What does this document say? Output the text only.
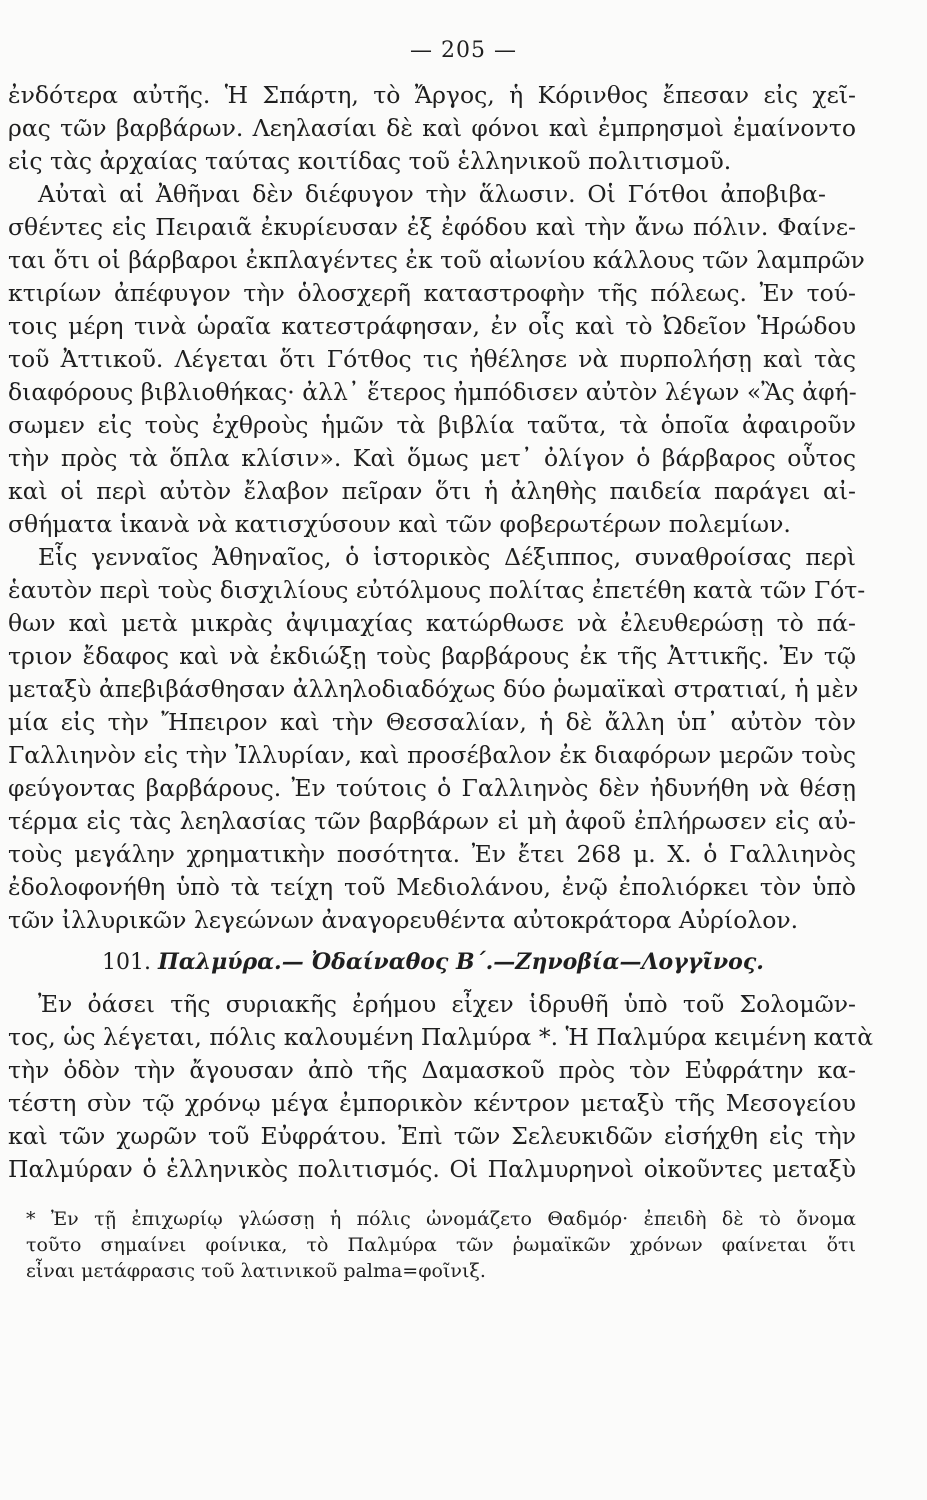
— 205 —
ἐνδότερα αὐτῆς. Ἡ Σπάρτη, τὸ Ἄργος, ἡ Κόρινθος ἔπεσαν εἰς χεῖ-
ρας τῶν βαρβάρων. Λεηλασίαι δὲ καὶ φόνοι καὶ ἐμπρησμοὶ ἐμαίνοντο
εἰς τὰς ἀρχαίας ταύτας κοιτίδας τοῦ ἑλληνικοῦ πολιτισμοῦ.
Αὐταὶ αἱ Ἀθῆναι δὲν διέφυγον τὴν ἅλωσιν. Οἱ Γότθοι ἀποβιβα-
σθέντες εἰς Πειραιᾶ ἐκυρίευσαν ἐξ ἐφόδου καὶ τὴν ἄνω πόλιν. Φαίνε-
ται ὅτι οἱ βάρβαροι ἐκπλαγέντες ἐκ τοῦ αἰωνίου κάλλους τῶν λαμπρῶν
κτιρίων ἀπέφυγον τὴν ὁλοσχερῆ καταστροφὴν τῆς πόλεως. Ἐν τού-
τοις μέρη τινὰ ὡραῖα κατεστράφησαν, ἐν οἷς καὶ τὸ Ὠδεῖον Ἡρώδου
τοῦ Ἀττικοῦ. Λέγεται ὅτι Γότθος τις ἠθέλησε νὰ πυρπολήσῃ καὶ τὰς
διαφόρους βιβλιοθήκας· ἀλλ᾽ ἕτερος ἠμπόδισεν αὐτὸν λέγων «Ἂς ἀφή-
σωμεν εἰς τοὺς ἐχθροὺς ἡμῶν τὰ βιβλία ταῦτα, τὰ ὁποῖα ἀφαιροῦν
τὴν πρὸς τὰ ὅπλα κλίσιν». Καὶ ὅμως μετ᾽ ὀλίγον ὁ βάρβαρος οὗτος
καὶ οἱ περὶ αὐτὸν ἔλαβον πεῖραν ὅτι ἡ ἀληθὴς παιδεία παράγει αἰ-
σθήματα ἱκανὰ νὰ κατισχύσουν καὶ τῶν φοβερωτέρων πολεμίων.
Εἷς γενναῖος Ἀθηναῖος, ὁ ἱστορικὸς Δέξιππος, συναθροίσας περὶ
ἑαυτὸν περὶ τοὺς δισχιλίους εὐτόλμους πολίτας ἐπετέθη κατὰ τῶν Γότ-
θων καὶ μετὰ μικρὰς ἀψιμαχίας κατώρθωσε νὰ ἐλευθερώσῃ τὸ πά-
τριον ἔδαφος καὶ νὰ ἐκδιώξῃ τοὺς βαρβάρους ἐκ τῆς Ἀττικῆς. Ἐν τῷ
μεταξὺ ἀπεβιβάσθησαν ἀλληλοδιαδόχως δύο ῥωμαϊκαὶ στρατιαί, ἡ μὲν
μία εἰς τὴν Ἤπειρον καὶ τὴν Θεσσαλίαν, ἡ δὲ ἄλλη ὑπ᾽ αὐτὸν τὸν
Γαλλιηνὸν εἰς τὴν Ἰλλυρίαν, καὶ προσέβαλον ἐκ διαφόρων μερῶν τοὺς
φεύγοντας βαρβάρους. Ἐν τούτοις ὁ Γαλλιηνὸς δὲν ἠδυνήθη νὰ θέσῃ
τέρμα εἰς τὰς λεηλασίας τῶν βαρβάρων εἰ μὴ ἀφοῦ ἐπλήρωσεν εἰς αὐ-
τοὺς μεγάλην χρηματικὴν ποσότητα. Ἐν ἔτει 268 μ. Χ. ὁ Γαλλιηνὸς
ἐδολοφονήθη ὑπὸ τὰ τείχη τοῦ Μεδιολάνου, ἐνῷ ἐπολιόρκει τὸν ὑπὸ
τῶν ἰλλυρικῶν λεγεώνων ἀναγορευθέντα αὐτοκράτορα Αὐρίολον.
101. Παλμύρα.— Ὀδαίναθος Β΄.—Ζηνοβία—Λογγῖνος.
Ἐν ὀάσει τῆς συριακῆς ἐρήμου εἶχεν ἱδρυθῆ ὑπὸ τοῦ Σολομῶν-
τος, ὡς λέγεται, πόλις καλουμένη Παλμύρα *. Ἡ Παλμύρα κειμένη κατὰ
τὴν ὁδὸν τὴν ἄγουσαν ἀπὸ τῆς Δαμασκοῦ πρὸς τὸν Εὐφράτην κα-
τέστη σὺν τῷ χρόνῳ μέγα ἐμπορικὸν κέντρον μεταξὺ τῆς Μεσογείου
καὶ τῶν χωρῶν τοῦ Εὐφράτου. Ἐπὶ τῶν Σελευκιδῶν εἰσήχθη εἰς τὴν
Παλμύραν ὁ ἑλληνικὸς πολιτισμός. Οἱ Παλμυρηνοὶ οἰκοῦντες μεταξὺ
* Ἐν τῇ ἐπιχωρίῳ γλώσσῃ ἡ πόλις ὠνομάζετο Θαδμόρ· ἐπειδὴ δὲ τὸ ὄνομα
τοῦτο σημαίνει φοίνικα, τὸ Παλμύρα τῶν ῥωμαϊκῶν χρόνων φαίνεται ὅτι
εἶναι μετάφρασις τοῦ λατινικοῦ palma=φοῖνιξ.
